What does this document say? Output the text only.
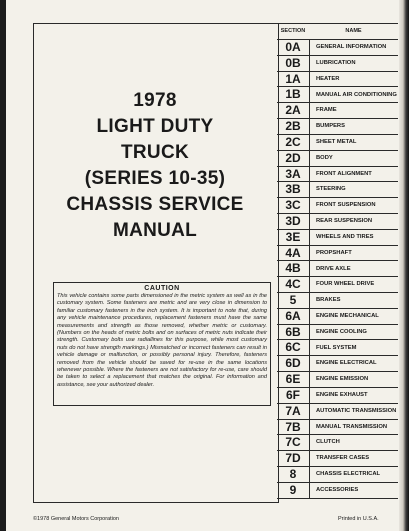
1978
LIGHT DUTY
TRUCK
(SERIES 10-35)
CHASSIS SERVICE
MANUAL
CAUTION
This vehicle contains some parts dimensioned in the metric system as well as in the customary system. Some fasteners are metric and are very close in dimension to familiar customary fasteners in the inch system. It is important to note that, during any vehicle maintenance procedures, replacement fasteners must have the same measurements and strength as those removed, whether metric or customary. (Numbers on the heads of metric bolts and on surfaces of metric nuts indicate their strength. Customary bolts use radiallines for this purpose, while most customary nuts do not have strength markings.) Mismatched or incorrect fasteners can result in vehicle damage or malfunction, or possibly personal injury. Therefore, fasteners removed from the vehicle should be saved for re-use in the same locations whenever possible. Where the fasteners are not satisfactory for re-use, care should be taken to select a replacement that matches the original. For information and assistance, see your authorized dealer.
SECTION	NAME
0A	GENERAL INFORMATION
0B	LUBRICATION
1A	HEATER
1B	MANUAL AIR CONDITIONING
2A	FRAME
2B	BUMPERS
2C	SHEET METAL
2D	BODY
3A	FRONT ALIGNMENT
3B	STEERING
3C	FRONT SUSPENSION
3D	REAR SUSPENSION
3E	WHEELS AND TIRES
4A	PROPSHAFT
4B	DRIVE AXLE
4C	FOUR WHEEL DRIVE
5	BRAKES
6A	ENGINE MECHANICAL
6B	ENGINE COOLING
6C	FUEL SYSTEM
6D	ENGINE ELECTRICAL
6E	ENGINE EMISSION
6F	ENGINE EXHAUST
7A	AUTOMATIC TRANSMISSION
7B	MANUAL TRANSMISSION
7C	CLUTCH
7D	TRANSFER CASES
8	CHASSIS ELECTRICAL
9	ACCESSORIES
©1978 General Motors Corporation	Printed in U.S.A.
